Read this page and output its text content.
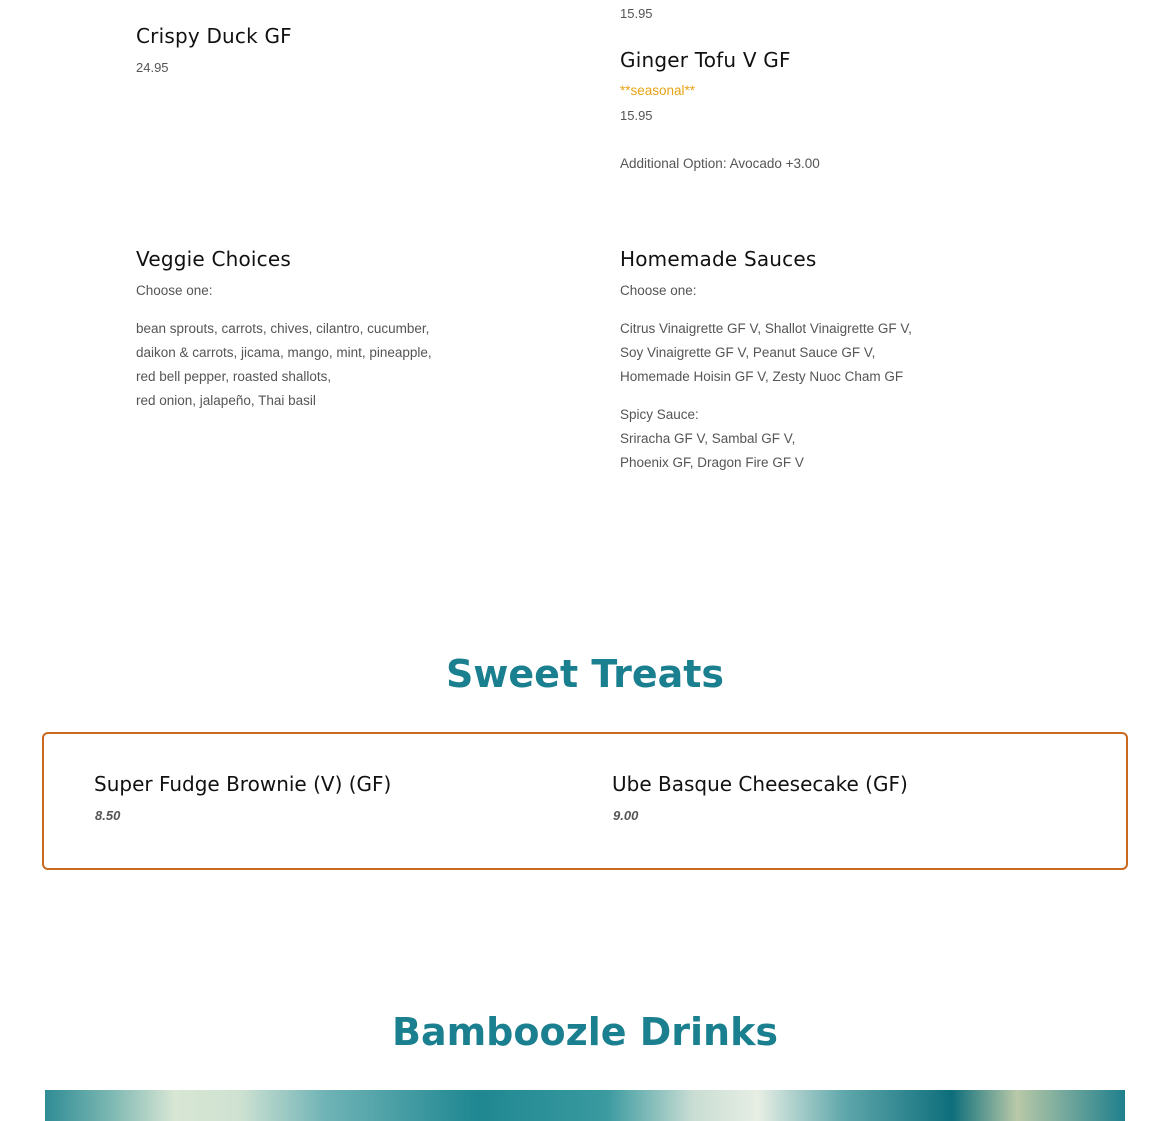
15.95
Crispy Duck GF
24.95	Ginger Tofu V GF
**seasonal**
15.95
Additional Option: Avocado +3.00
Veggie Choices
Choose one:
bean sprouts, carrots, chives, cilantro, cucumber,
daikon & carrots, jicama, mango, mint, pineapple,
red bell pepper, roasted shallots,
red onion, jalapeño, Thai basil
Homemade Sauces
Choose one:
Citrus Vinaigrette GF V, Shallot Vinaigrette GF V,
Soy Vinaigrette GF V, Peanut Sauce GF V,
Homemade Hoisin GF V, Zesty Nuoc Cham GF
Spicy Sauce:
Sriracha GF V, Sambal GF V,
Phoenix GF, Dragon Fire GF V
Sweet Treats
Super Fudge Brownie (V) (GF)
8.50
Ube Basque Cheesecake (GF)
9.00
Bamboozle Drinks
